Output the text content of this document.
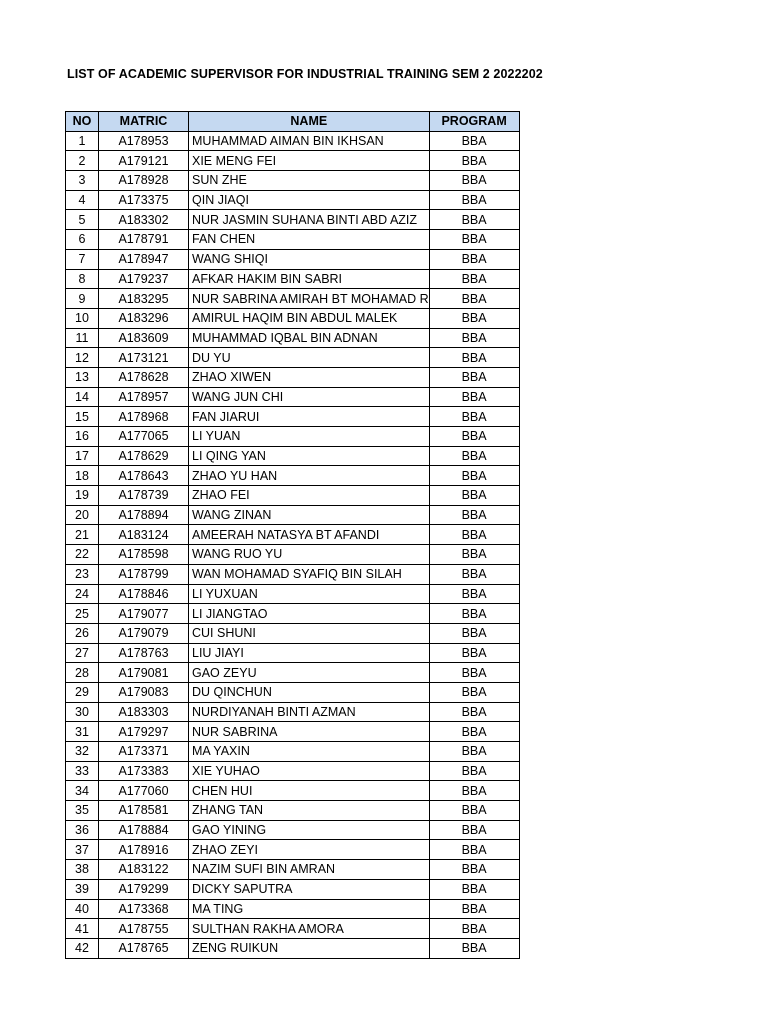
LIST OF ACADEMIC SUPERVISOR FOR INDUSTRIAL TRAINING SEM 2 2022202
NO	MATRIC	NAME	PROGRAM
1	A178953	MUHAMMAD AIMAN BIN IKHSAN	BBA
2	A179121	XIE MENG FEI	BBA
3	A178928	SUN ZHE	BBA
4	A173375	QIN JIAQI	BBA
5	A183302	NUR JASMIN SUHANA BINTI ABD AZIZ	BBA
6	A178791	FAN CHEN	BBA
7	A178947	WANG SHIQI	BBA
8	A179237	AFKAR HAKIM BIN SABRI	BBA
9	A183295	NUR SABRINA AMIRAH BT MOHAMAD R	BBA
10	A183296	AMIRUL HAQIM BIN ABDUL MALEK	BBA
11	A183609	MUHAMMAD IQBAL BIN ADNAN	BBA
12	A173121	DU YU	BBA
13	A178628	ZHAO XIWEN	BBA
14	A178957	WANG JUN CHI	BBA
15	A178968	FAN JIARUI	BBA
16	A177065	LI YUAN	BBA
17	A178629	LI QING YAN	BBA
18	A178643	ZHAO YU HAN	BBA
19	A178739	ZHAO FEI	BBA
20	A178894	WANG ZINAN	BBA
21	A183124	AMEERAH NATASYA BT AFANDI	BBA
22	A178598	WANG RUO YU	BBA
23	A178799	WAN MOHAMAD SYAFIQ BIN SILAH	BBA
24	A178846	LI YUXUAN	BBA
25	A179077	LI JIANGTAO	BBA
26	A179079	CUI SHUNI	BBA
27	A178763	LIU JIAYI	BBA
28	A179081	GAO ZEYU	BBA
29	A179083	DU QINCHUN	BBA
30	A183303	NURDIYANAH BINTI AZMAN	BBA
31	A179297	NUR SABRINA	BBA
32	A173371	MA YAXIN	BBA
33	A173383	XIE YUHAO	BBA
34	A177060	CHEN HUI	BBA
35	A178581	ZHANG TAN	BBA
36	A178884	GAO YINING	BBA
37	A178916	ZHAO ZEYI	BBA
38	A183122	NAZIM SUFI BIN AMRAN	BBA
39	A179299	DICKY SAPUTRA	BBA
40	A173368	MA TING	BBA
41	A178755	SULTHAN RAKHA AMORA	BBA
42	A178765	ZENG RUIKUN	BBA
